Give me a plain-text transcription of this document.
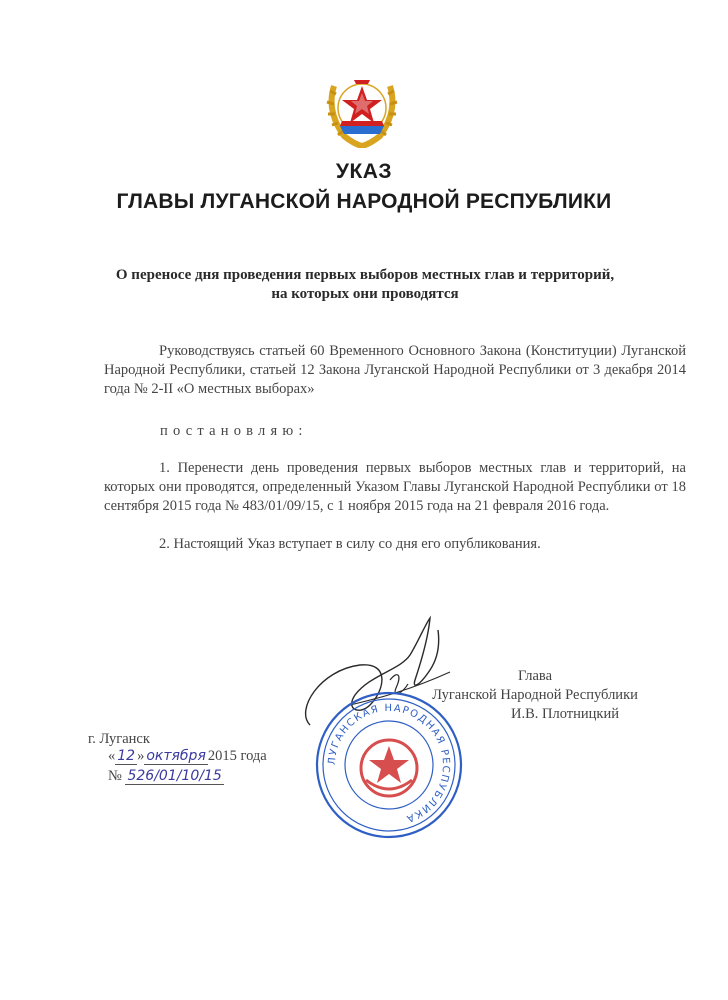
УКАЗ
ГЛАВЫ ЛУГАНСКОЙ НАРОДНОЙ РЕСПУБЛИКИ
О переносе дня проведения первых выборов местных глав и территорий,
на которых они проводятся
Руководствуясь статьей 60 Временного Основного Закона (Конституции) Луганской Народной Республики, статьей 12 Закона Луганской Народной Республики от 3 декабря 2014 года № 2-II «О местных выборах»
постановляю:
1. Перенести день проведения первых выборов местных глав и территорий, на которых они проводятся, определенный Указом Главы Луганской Народной Республики от 18 сентября 2015 года № 483/01/09/15, с 1 ноября 2015 года на 21 февраля 2016 года.
2. Настоящий Указ вступает в силу со дня его опубликования.
ЛУГАНСКАЯ НАРОДНАЯ РЕСПУБЛИКА
Глава
Луганской Народной Республики
И.В. Плотницкий
г. Луганск
« 12 » октября 2015 года
№ 526/01/10/15
